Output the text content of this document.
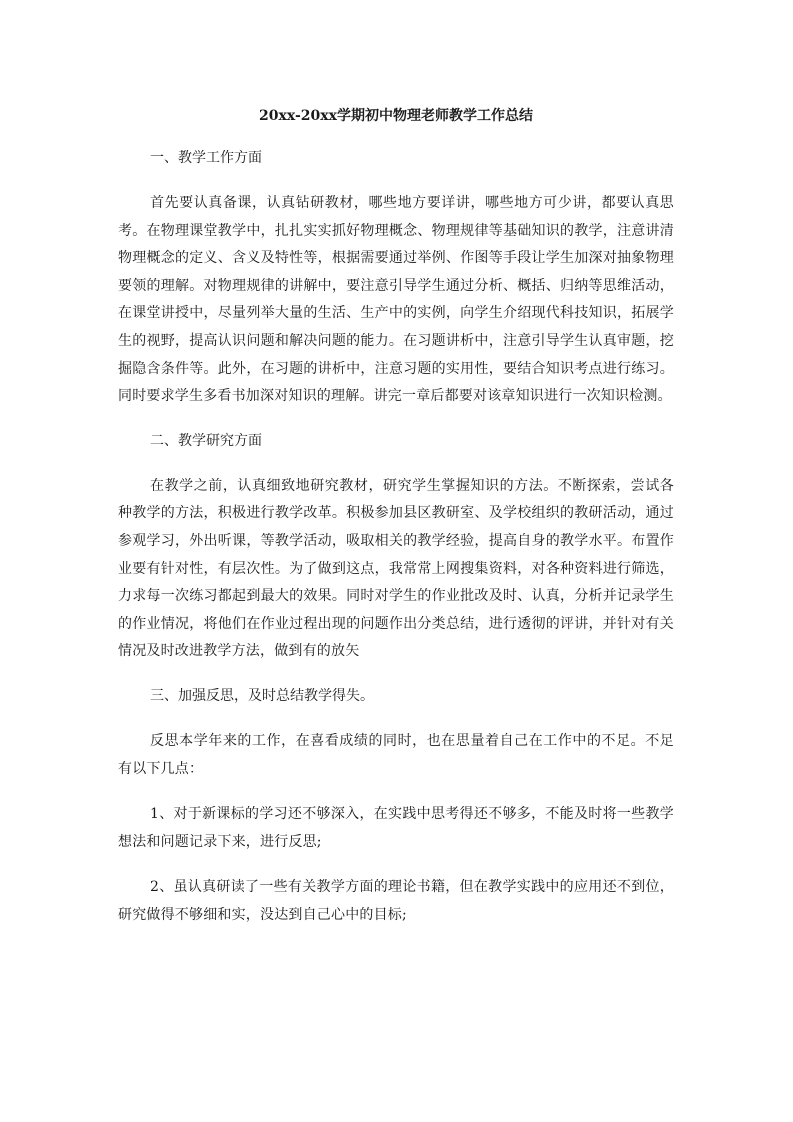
20xx-20xx学期初中物理老师教学工作总结
一、教学工作方面

首先要认真备课，认真钻研教材，哪些地方要详讲，哪些地方可少讲，都要认真思考。在物理课堂教学中，扎扎实实抓好物理概念、物理规律等基础知识的教学，注意讲清物理概念的定义、含义及特性等，根据需要通过举例、作图等手段让学生加深对抽象物理要领的理解。对物理规律的讲解中，要注意引导学生通过分析、概括、归纳等思维活动，在课堂讲授中，尽量列举大量的生活、生产中的实例，向学生介绍现代科技知识，拓展学生的视野，提高认识问题和解决问题的能力。在习题讲析中，注意引导学生认真审题，挖掘隐含条件等。此外，在习题的讲析中，注意习题的实用性，要结合知识考点进行练习。同时要求学生多看书加深对知识的理解。讲完一章后都要对该章知识进行一次知识检测。

二、教学研究方面

在教学之前，认真细致地研究教材，研究学生掌握知识的方法。不断探索，尝试各种教学的方法，积极进行教学改革。积极参加县区教研室、及学校组织的教研活动，通过参观学习，外出听课，等教学活动，吸取相关的教学经验，提高自身的教学水平。布置作业要有针对性，有层次性。为了做到这点，我常常上网搜集资料，对各种资料进行筛选，力求每一次练习都起到最大的效果。同时对学生的作业批改及时、认真，分析并记录学生的作业情况，将他们在作业过程出现的问题作出分类总结，进行透彻的评讲，并针对有关情况及时改进教学方法，做到有的放矢

三、加强反思，及时总结教学得失。

反思本学年来的工作，在喜看成绩的同时，也在思量着自己在工作中的不足。不足有以下几点：

1、对于新课标的学习还不够深入，在实践中思考得还不够多，不能及时将一些教学想法和问题记录下来，进行反思;

2、虽认真研读了一些有关教学方面的理论书籍，但在教学实践中的应用还不到位，研究做得不够细和实，没达到自己心中的目标;
